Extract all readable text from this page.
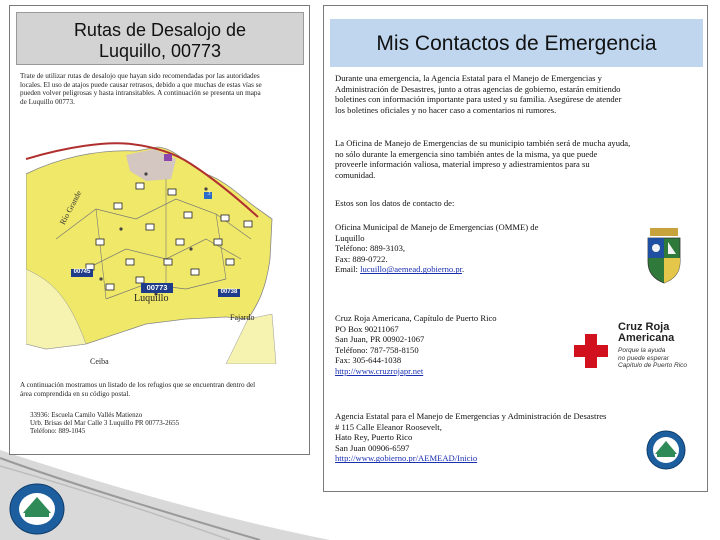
Rutas de Desalojo de
Luquillo, 00773
Trate de utilizar rutas de desalojo que hayan sido recomendadas por las autoridades
locales. El uso de atajos puede causar retrasos, debido a que muchas de estas vías se
pueden volver peligrosas y hasta intransitables. A continuación se presenta un mapa
de Luquillo 00773.
Río Grande
00773
00745
00738
Luquillo
Fajardo
Ceiba
3
A continuación mostramos un listado de los refugios que se encuentran dentro del
área comprendida en su código postal.
33936: Escuela Camilo Vallés Matienzo
Urb. Brisas del Mar Calle 3 Luquillo PR 00773-2655
Teléfono: 889-1045
Mis Contactos de Emergencia
Durante una emergencia, la Agencia Estatal para el Manejo de Emergencias y
Administración de Desastres, junto a otras agencias de gobierno, estarán emitiendo
boletines con información importante para usted y su familia. Asegúrese de atender
los boletines oficiales y no hacer caso a comentarios ni rumores.
La Oficina de Manejo de Emergencias de su municipio también será de mucha ayuda,
no sólo durante la emergencia sino también antes de la misma, ya que puede
proveerle información valiosa, material impreso y adiestramientos para su
comunidad.
Estos son los datos de contacto de:
Oficina Municipal de Manejo de Emergencias (OMME) de
Luquillo
Teléfono: 889-3103,
Fax: 889-0722.
Email: lucuillo@aemead.gobierno.pr.
Cruz Roja Americana, Capítulo de Puerto Rico
PO Box 90211067
San Juan, PR 00902-1067
Teléfono: 787-758-8150
Fax: 305-644-1038
http://www.cruzrojapr.net
Cruz Roja
Americana
Porque la ayuda
no puede esperar
Capítulo de Puerto Rico
Agencia Estatal para el Manejo de Emergencias y Administración de Desastres
# 115 Calle Eleanor Roosevelt,
Hato Rey, Puerto Rico
San Juan 00906-6597
http://www.gobierno.pr/AEMEAD/Inicio
